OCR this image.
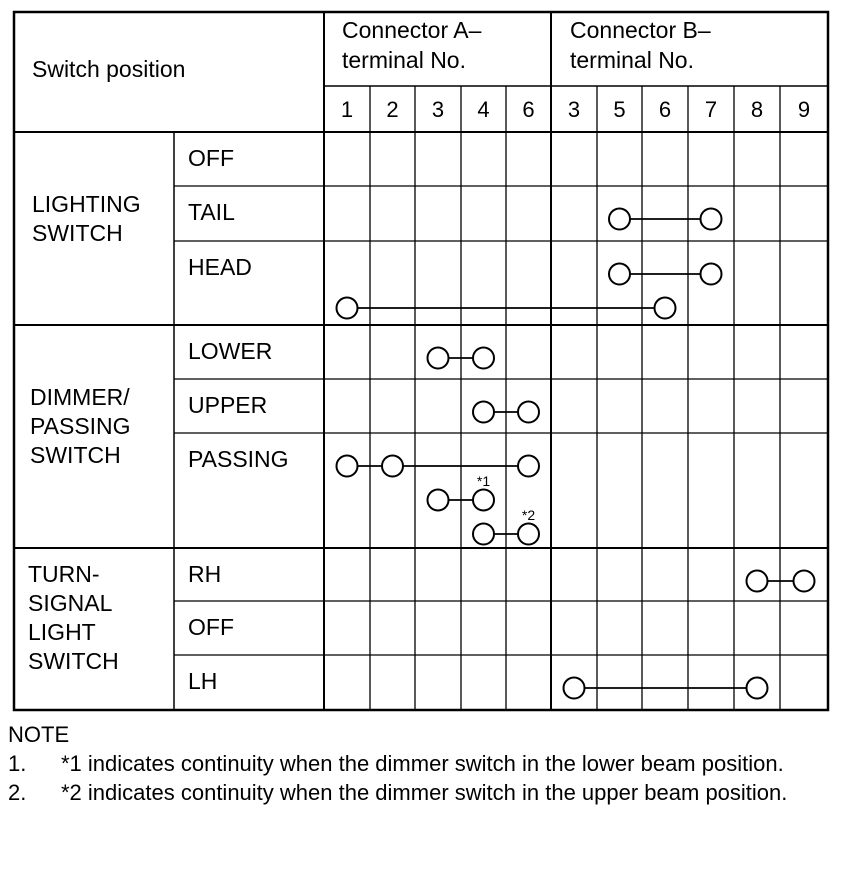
Switch position
Connector A– terminal No.
Connector B– terminal No.
1 2 3 4 6 3 5 6 7 8 9
LIGHTING SWITCH
DIMMER/ PASSING SWITCH
TURN-SIGNAL LIGHT SWITCH
OFF
TAIL
HEAD
LOWER
UPPER
PASSING
RH
OFF
LH
*1
*2
NOTE
1.	*1 indicates continuity when the dimmer switch in the lower beam position.
2.	*2 indicates continuity when the dimmer switch in the upper beam position.
